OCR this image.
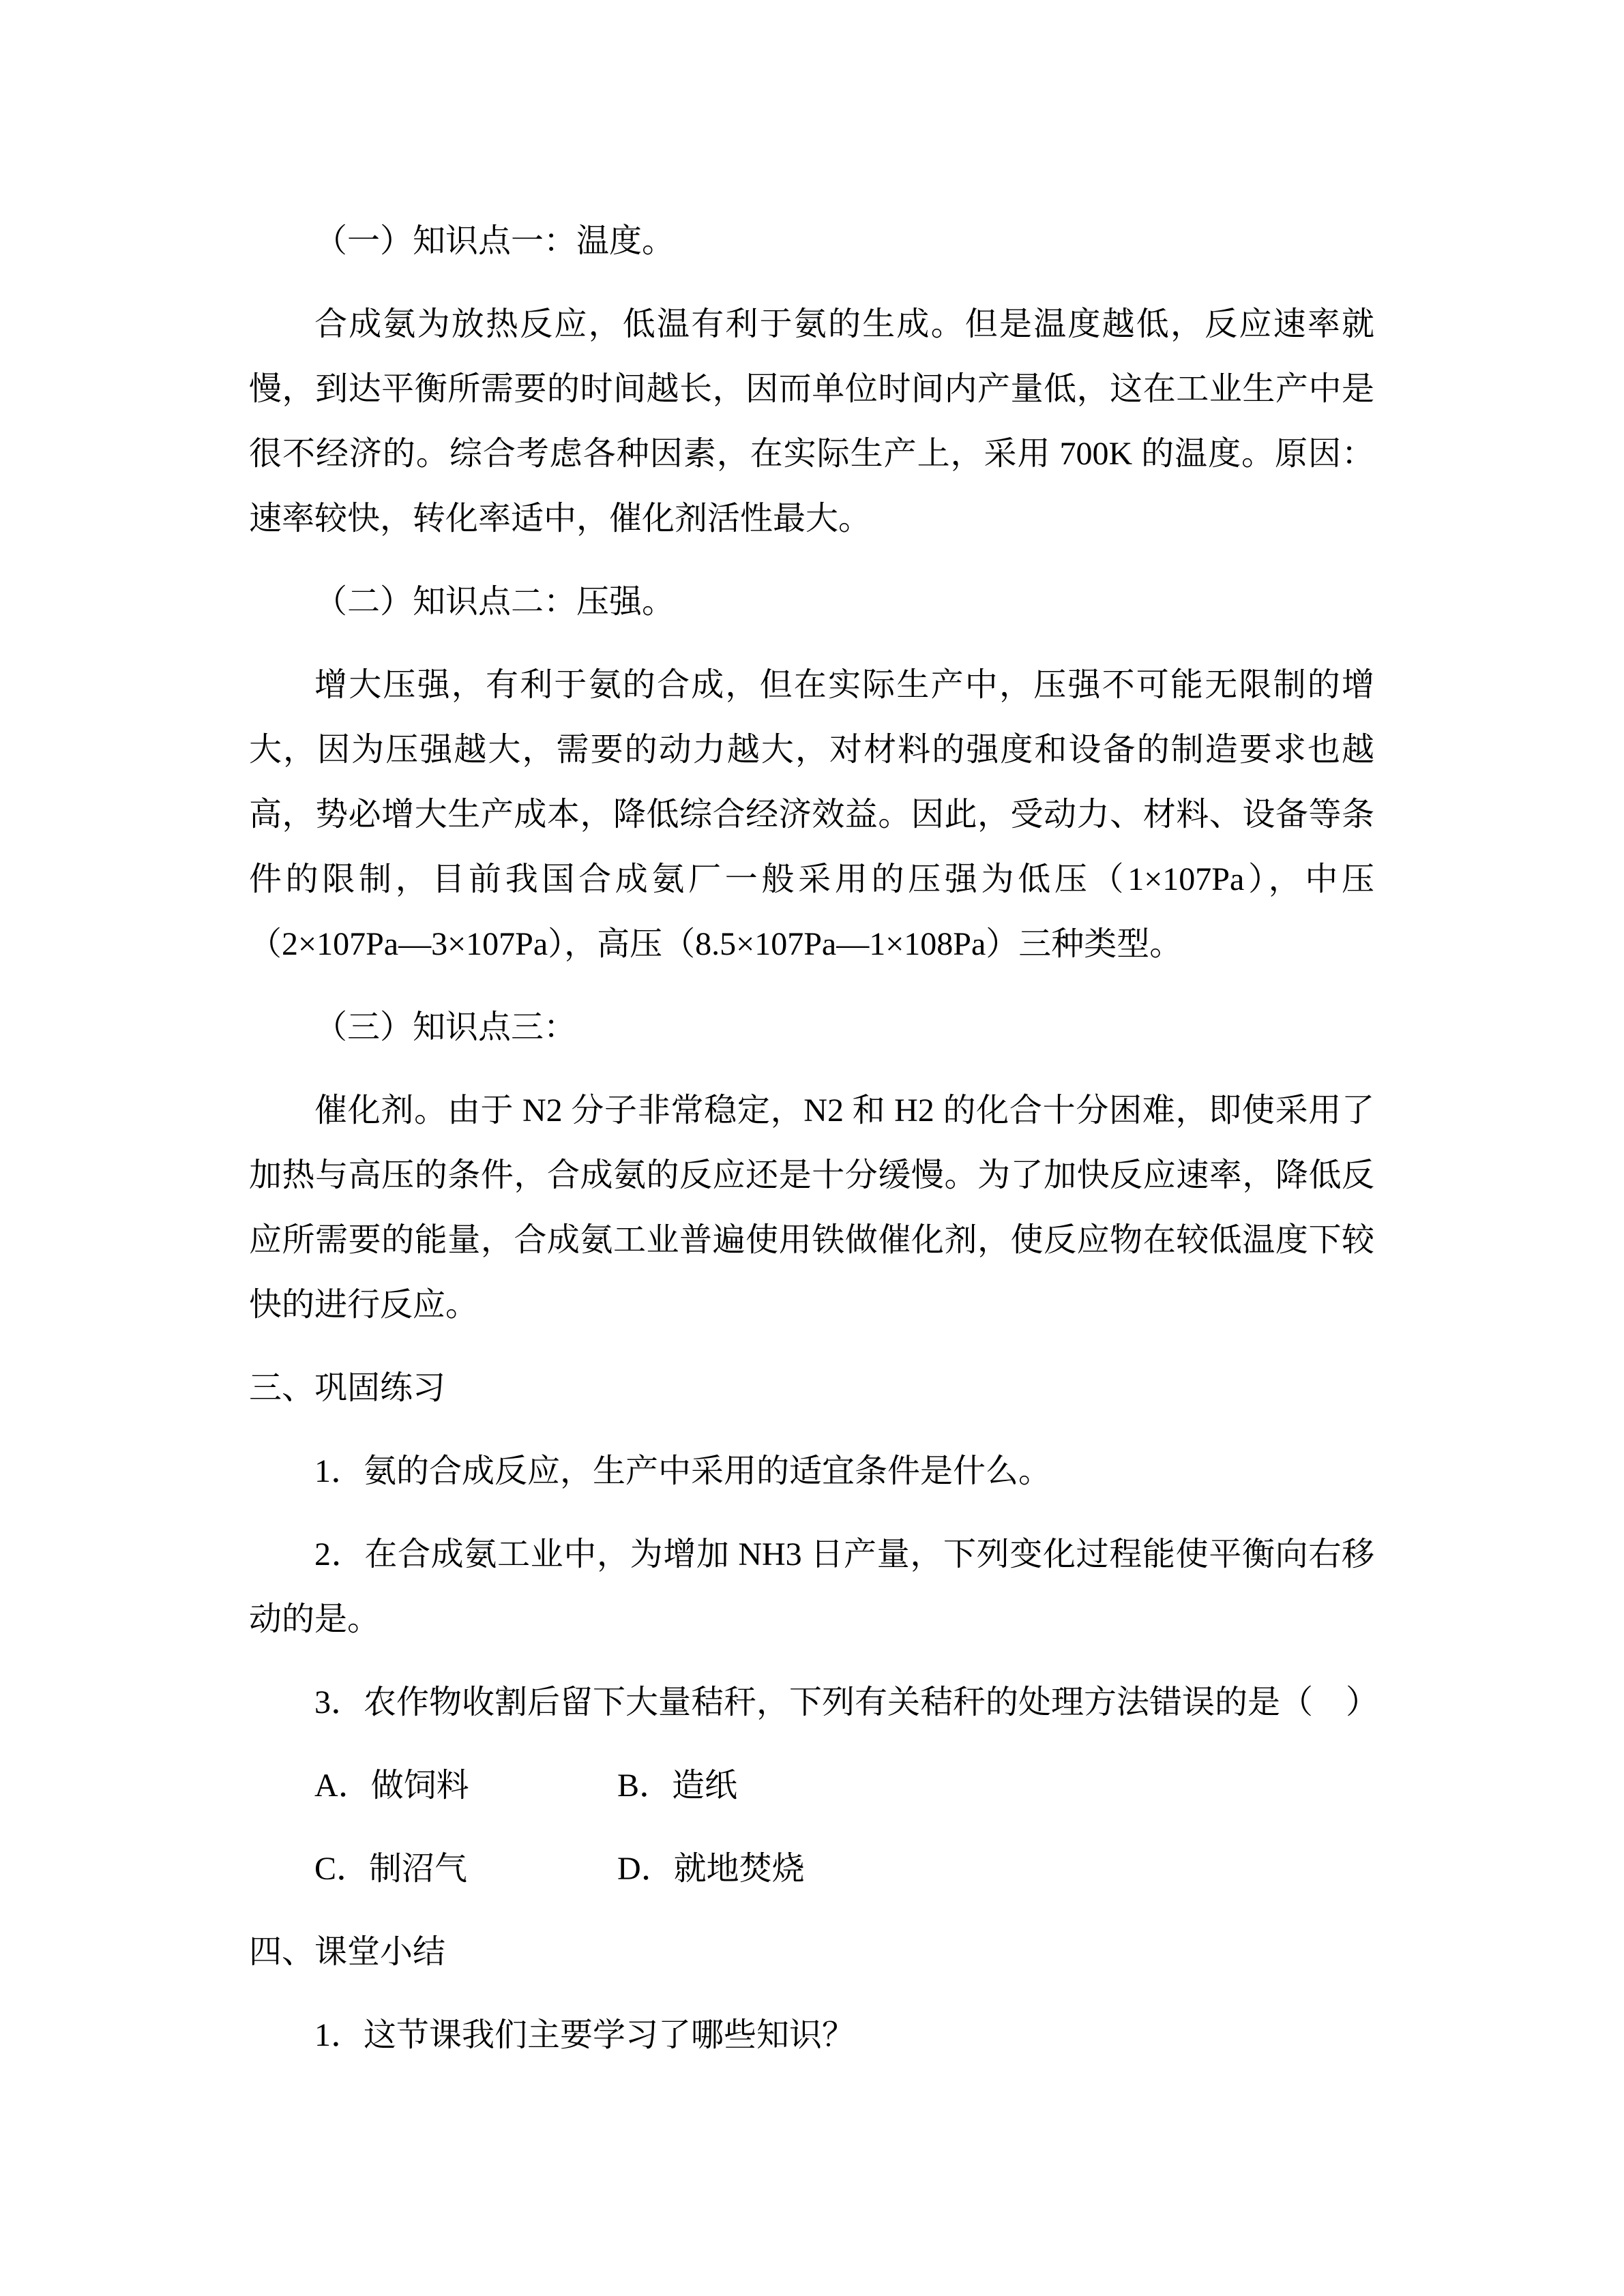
（一）知识点一：温度。

合成氨为放热反应，低温有利于氨的生成。但是温度越低，反应速率就慢，到达平衡所需要的时间越长，因而单位时间内产量低，这在工业生产中是很不经济的。综合考虑各种因素，在实际生产上，采用 700K 的温度。原因：速率较快，转化率适中，催化剂活性最大。

（二）知识点二：压强。

增大压强，有利于氨的合成，但在实际生产中，压强不可能无限制的增大，因为压强越大，需要的动力越大，对材料的强度和设备的制造要求也越高，势必增大生产成本，降低综合经济效益。因此，受动力、材料、设备等条件的限制，目前我国合成氨厂一般采用的压强为低压（1×107Pa），中压（2×107Pa—3×107Pa），高压（8.5×107Pa—1×108Pa）三种类型。

（三）知识点三：

催化剂。由于 N2 分子非常稳定，N2 和 H2 的化合十分困难，即使采用了加热与高压的条件，合成氨的反应还是十分缓慢。为了加快反应速率，降低反应所需要的能量，合成氨工业普遍使用铁做催化剂，使反应物在较低温度下较快的进行反应。

三、巩固练习

1．氨的合成反应，生产中采用的适宜条件是什么。

2．在合成氨工业中，为增加 NH3 日产量，下列变化过程能使平衡向右移动的是。

3．农作物收割后留下大量秸秆，下列有关秸秆的处理方法错误的是（　）

A．做饲料	B．造纸
C．制沼气	D．就地焚烧

四、课堂小结

1．这节课我们主要学习了哪些知识？
